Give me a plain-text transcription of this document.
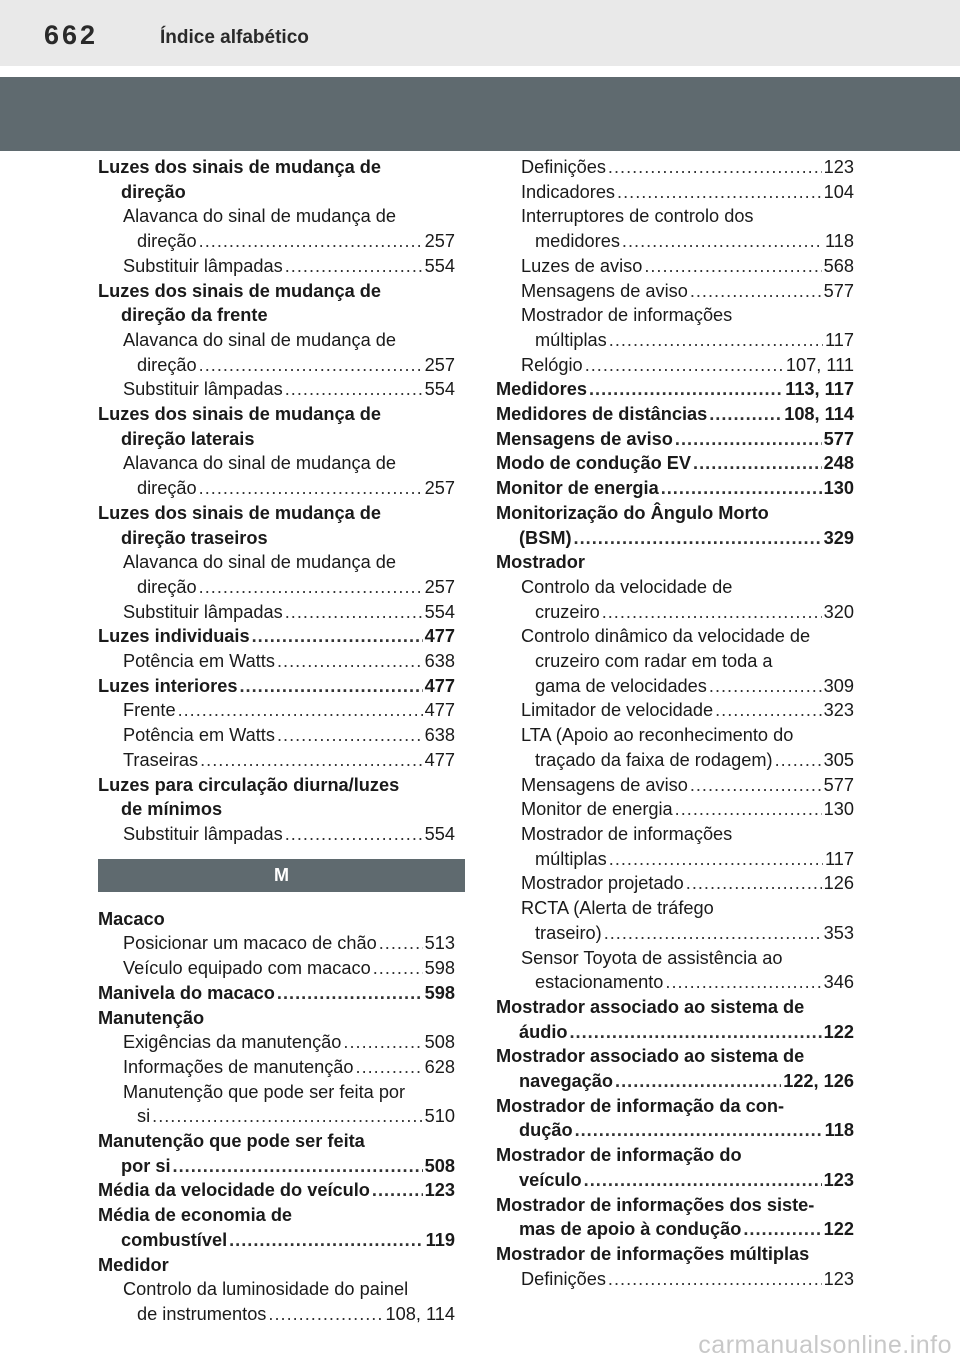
662	Índice alfabético
Luzes dos sinais de mudança de
direção
Alavanca do sinal de mudança de
direção .....	257
Substituir lâmpadas .....	554
Luzes dos sinais de mudança de
direção da frente
Alavanca do sinal de mudança de
direção .....	257
Substituir lâmpadas .....	554
Luzes dos sinais de mudança de
direção laterais
Alavanca do sinal de mudança de
direção .....	257
Luzes dos sinais de mudança de
direção traseiros
Alavanca do sinal de mudança de
direção .....	257
Substituir lâmpadas .....	554
Luzes individuais .....	477
Potência em Watts .....	638
Luzes interiores .....	477
Frente .....	477
Potência em Watts .....	638
Traseiras .....	477
Luzes para circulação diurna/luzes
de mínimos
Substituir lâmpadas .....	554
M
Macaco
Posicionar um macaco de chão .....	513
Veículo equipado com macaco .....	598
Manivela do macaco .....	598
Manutenção
Exigências da manutenção .....	508
Informações de manutenção .....	628
Manutenção que pode ser feita por
si .....	510
Manutenção que pode ser feita
por si .....	508
Média da velocidade do veículo .....	123
Média de economia de
combustível .....	119
Medidor
Controlo da luminosidade do painel
de instrumentos .....	108, 114
Definições .....	123
Indicadores .....	104
Interruptores de controlo dos
medidores .....	118
Luzes de aviso .....	568
Mensagens de aviso .....	577
Mostrador de informações
múltiplas .....	117
Relógio .....	107, 111
Medidores .....	113, 117
Medidores de distâncias .....	108, 114
Mensagens de aviso .....	577
Modo de condução EV .....	248
Monitor de energia .....	130
Monitorização do Ângulo Morto
(BSM) .....	329
Mostrador
Controlo da velocidade de
cruzeiro .....	320
Controlo dinâmico da velocidade de
cruzeiro com radar em toda a
gama de velocidades .....	309
Limitador de velocidade .....	323
LTA (Apoio ao reconhecimento do
traçado da faixa de rodagem) .....	305
Mensagens de aviso .....	577
Monitor de energia .....	130
Mostrador de informações
múltiplas .....	117
Mostrador projetado .....	126
RCTA (Alerta de tráfego
traseiro) .....	353
Sensor Toyota de assistência ao
estacionamento .....	346
Mostrador associado ao sistema de
áudio .....	122
Mostrador associado ao sistema de
navegação .....	122, 126
Mostrador de informação da con-
dução .....	118
Mostrador de informação do
veículo .....	123
Mostrador de informações dos siste-
mas de apoio à condução .....	122
Mostrador de informações múltiplas
Definições .....	123
carmanualsonline.info
